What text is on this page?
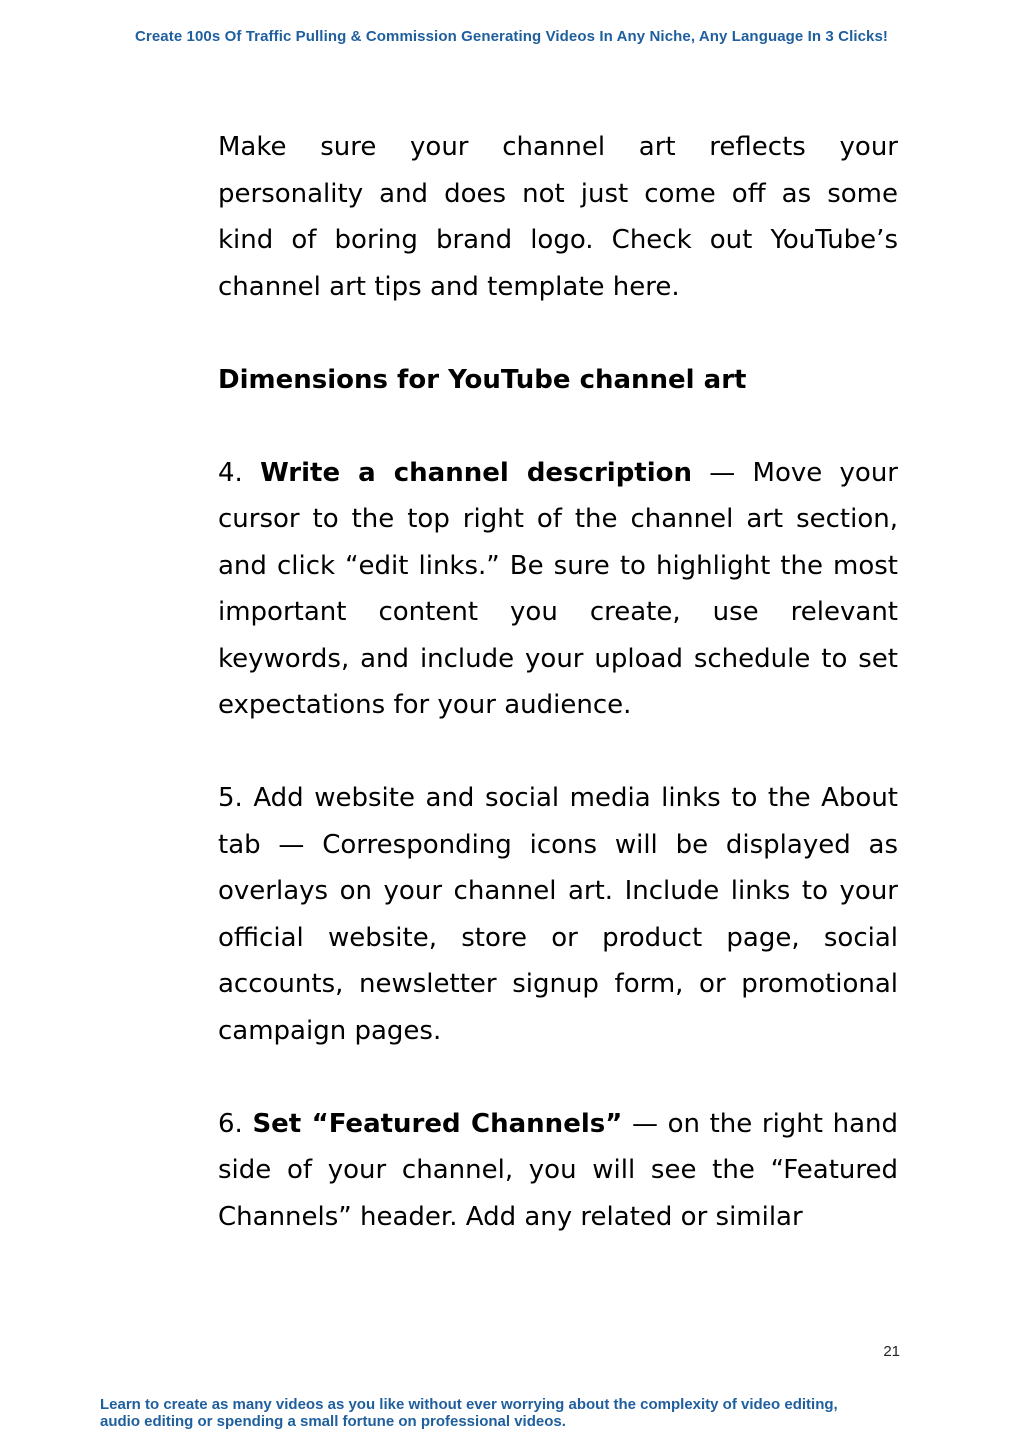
Create 100s Of Traffic Pulling & Commission Generating Videos In Any Niche, Any Language In 3 Clicks!

Make sure your channel art reflects your personality and does not just come off as some kind of boring brand logo. Check out YouTube’s channel art tips and template here.

Dimensions for YouTube channel art

4. Write a channel description — Move your cursor to the top right of the channel art section, and click “edit links.” Be sure to highlight the most important content you create, use relevant keywords, and include your upload schedule to set expectations for your audience.

5. Add website and social media links to the About tab — Corresponding icons will be displayed as overlays on your channel art. Include links to your official website, store or product page, social accounts, newsletter signup form, or promotional campaign pages.

6. Set “Featured Channels” — on the right hand side of your channel, you will see the “Featured Channels” header. Add any related or similar

21
Learn to create as many videos as you like without ever worrying about the complexity of video editing,
audio editing or spending a small fortune on professional videos.
